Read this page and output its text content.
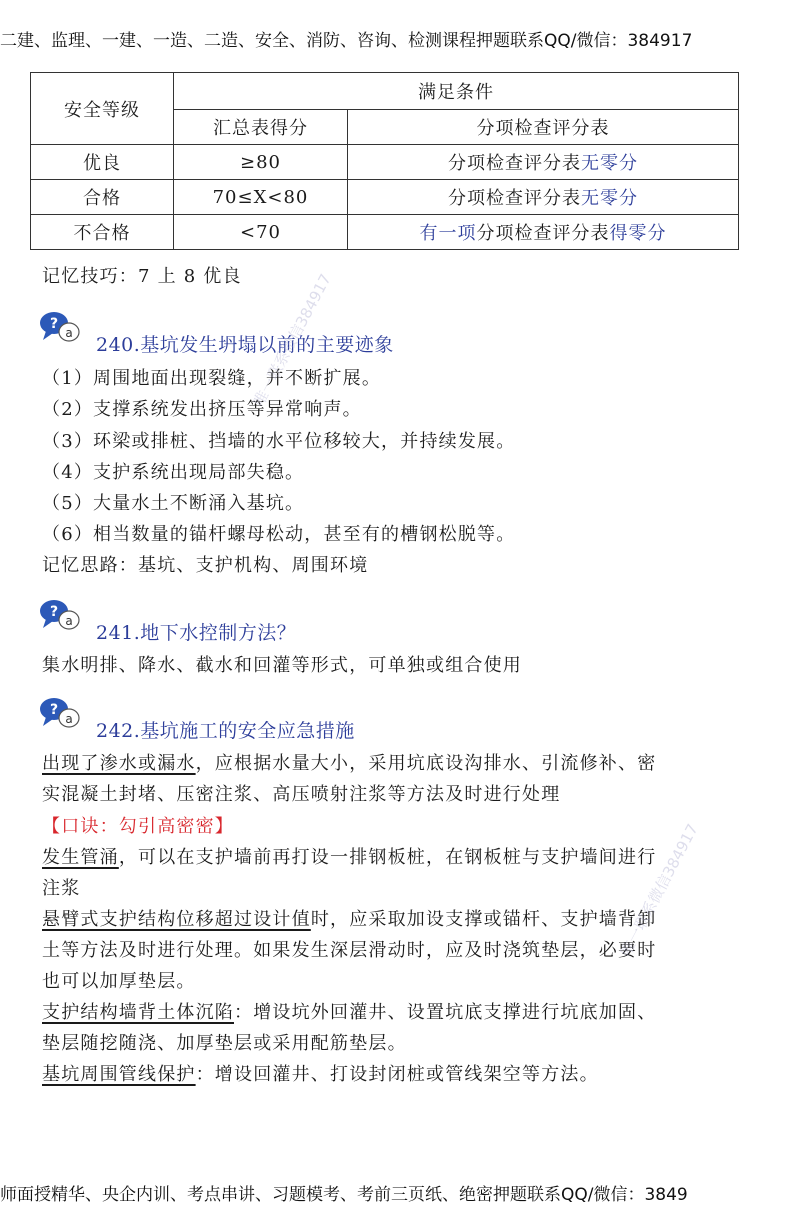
二建、监理、一建、一造、二造、安全、消防、咨询、检测课程押题联系QQ/微信：384917
安全等级	满足条件	
	汇总表得分	分项检查评分表
优良	≥80	分项检查评分表无零分
合格	70≤X<80	分项检查评分表无零分
不合格	<70	有一项分项检查评分表得零分
记忆技巧：7 上 8 优良
?
a
240.基坑发生坍塌以前的主要迹象
（1）周围地面出现裂缝，并不断扩展。
（2）支撑系统发出挤压等异常响声。
（3）环梁或排桩、挡墙的水平位移较大，并持续发展。
（4）支护系统出现局部失稳。
（5）大量水土不断涌入基坑。
（6）相当数量的锚杆螺母松动，甚至有的槽钢松脱等。
记忆思路：基坑、支护机构、周围环境
?
a
241.地下水控制方法？
集水明排、降水、截水和回灌等形式，可单独或组合使用
?
a
242.基坑施工的安全应急措施
出现了渗水或漏水，应根据水量大小，采用坑底设沟排水、引流修补、密
实混凝土封堵、压密注浆、高压喷射注浆等方法及时进行处理
【口诀：勾引高密密】
发生管涌，可以在支护墙前再打设一排钢板桩，在钢板桩与支护墙间进行
注浆
悬臂式支护结构位移超过设计值时，应采取加设支撑或锚杆、支护墙背卸
土等方法及时进行处理。如果发生深层滑动时，应及时浇筑垫层，必要时
也可以加厚垫层。
支护结构墙背土体沉陷：增设坑外回灌井、设置坑底支撑进行坑底加固、
垫层随挖随浇、加厚垫层或采用配筋垫层。
基坑周围管线保护：增设回灌井、打设封闭桩或管线架空等方法。
唯一联系微信384917
唯一联系微信384917
师面授精华、央企内训、考点串讲、习题模考、考前三页纸、绝密押题联系QQ/微信：3849
